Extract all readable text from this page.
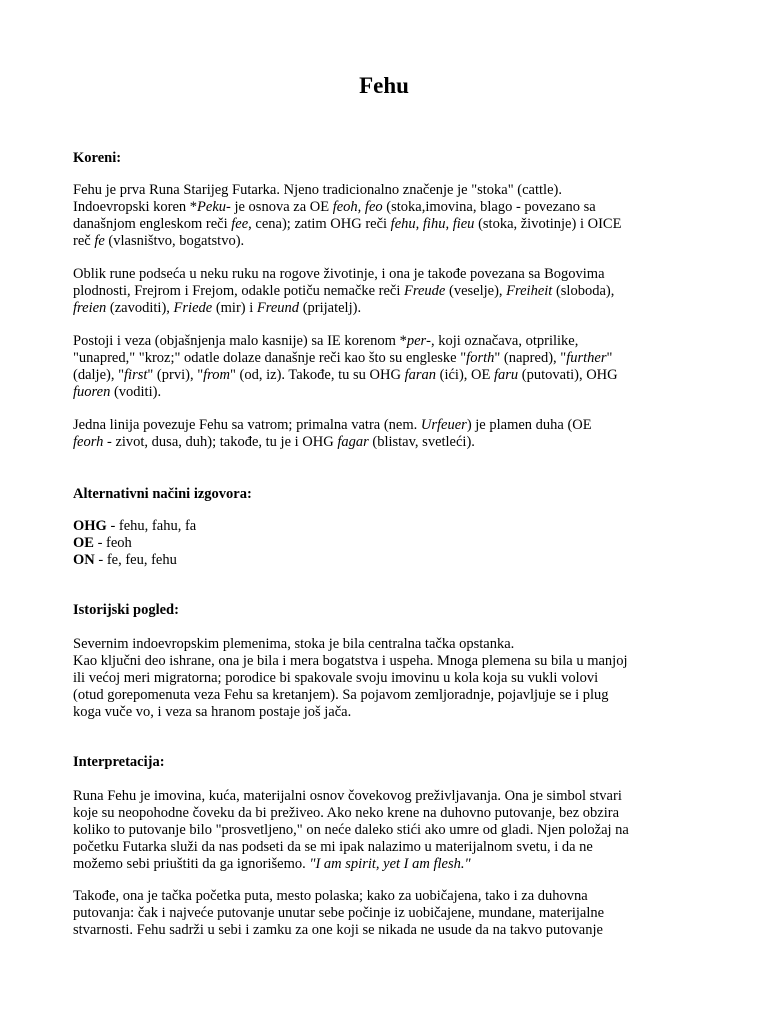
Fehu
Koreni:
Fehu je prva Runa Starijeg Futarka. Njeno tradicionalno značenje je "stoka" (cattle).
Indoevropski koren *Peku- je osnova za OE feoh, feo (stoka,imovina, blago - povezano sa
današnjom engleskom reči fee, cena); zatim OHG reči fehu, fihu, fieu (stoka, životinje) i OICE
reč fe (vlasništvo, bogatstvo).
Oblik rune podseća u neku ruku na rogove životinje, i ona je takođe povezana sa Bogovima
plodnosti, Frejrom i Frejom, odakle potiču nemačke reči Freude (veselje), Freiheit (sloboda),
freien (zavoditi), Friede (mir) i Freund (prijatelj).
Postoji i veza (objašnjenja malo kasnije) sa IE korenom *per-, koji označava, otprilike,
"unapred," "kroz;" odatle dolaze današnje reči kao što su engleske "forth" (napred), "further"
(dalje), "first" (prvi), "from" (od, iz). Takođe, tu su OHG faran (ići), OE faru (putovati), OHG
fuoren (voditi).
Jedna linija povezuje Fehu sa vatrom; primalna vatra (nem. Urfeuer) je plamen duha (OE
feorh - zivot, dusa, duh); takođe, tu je i OHG fagar (blistav, svetleći).
Alternativni načini izgovora:
OHG - fehu, fahu, fa
OE - feoh
ON - fe, feu, fehu
Istorijski pogled:
Severnim indoevropskim plemenima, stoka je bila centralna tačka opstanka.
Kao ključni deo ishrane, ona je bila i mera bogatstva i uspeha. Mnoga plemena su bila u manjoj
ili većoj meri migratorna; porodice bi spakovale svoju imovinu u kola koja su vukli volovi
(otud gorepomenuta veza Fehu sa kretanjem). Sa pojavom zemljoradnje, pojavljuje se i plug
koga vuče vo, i veza sa hranom postaje još jača.
Interpretacija:
Runa Fehu je imovina, kuća, materijalni osnov čovekovog preživljavanja. Ona je simbol stvari
koje su neopohodne čoveku da bi preživeo. Ako neko krene na duhovno putovanje, bez obzira
koliko to putovanje bilo "prosvetljeno," on neće daleko stići ako umre od gladi. Njen položaj na
početku Futarka služi da nas podseti da se mi ipak nalazimo u materijalnom svetu, i da ne
možemo sebi priuštiti da ga ignorišemo. "I am spirit, yet I am flesh."
Takođe, ona je tačka početka puta, mesto polaska; kako za uobičajena, tako i za duhovna
putovanja: čak i najveće putovanje unutar sebe počinje iz uobičajene, mundane, materijalne
stvarnosti. Fehu sadrži u sebi i zamku za one koji se nikada ne usude da na takvo putovanje
